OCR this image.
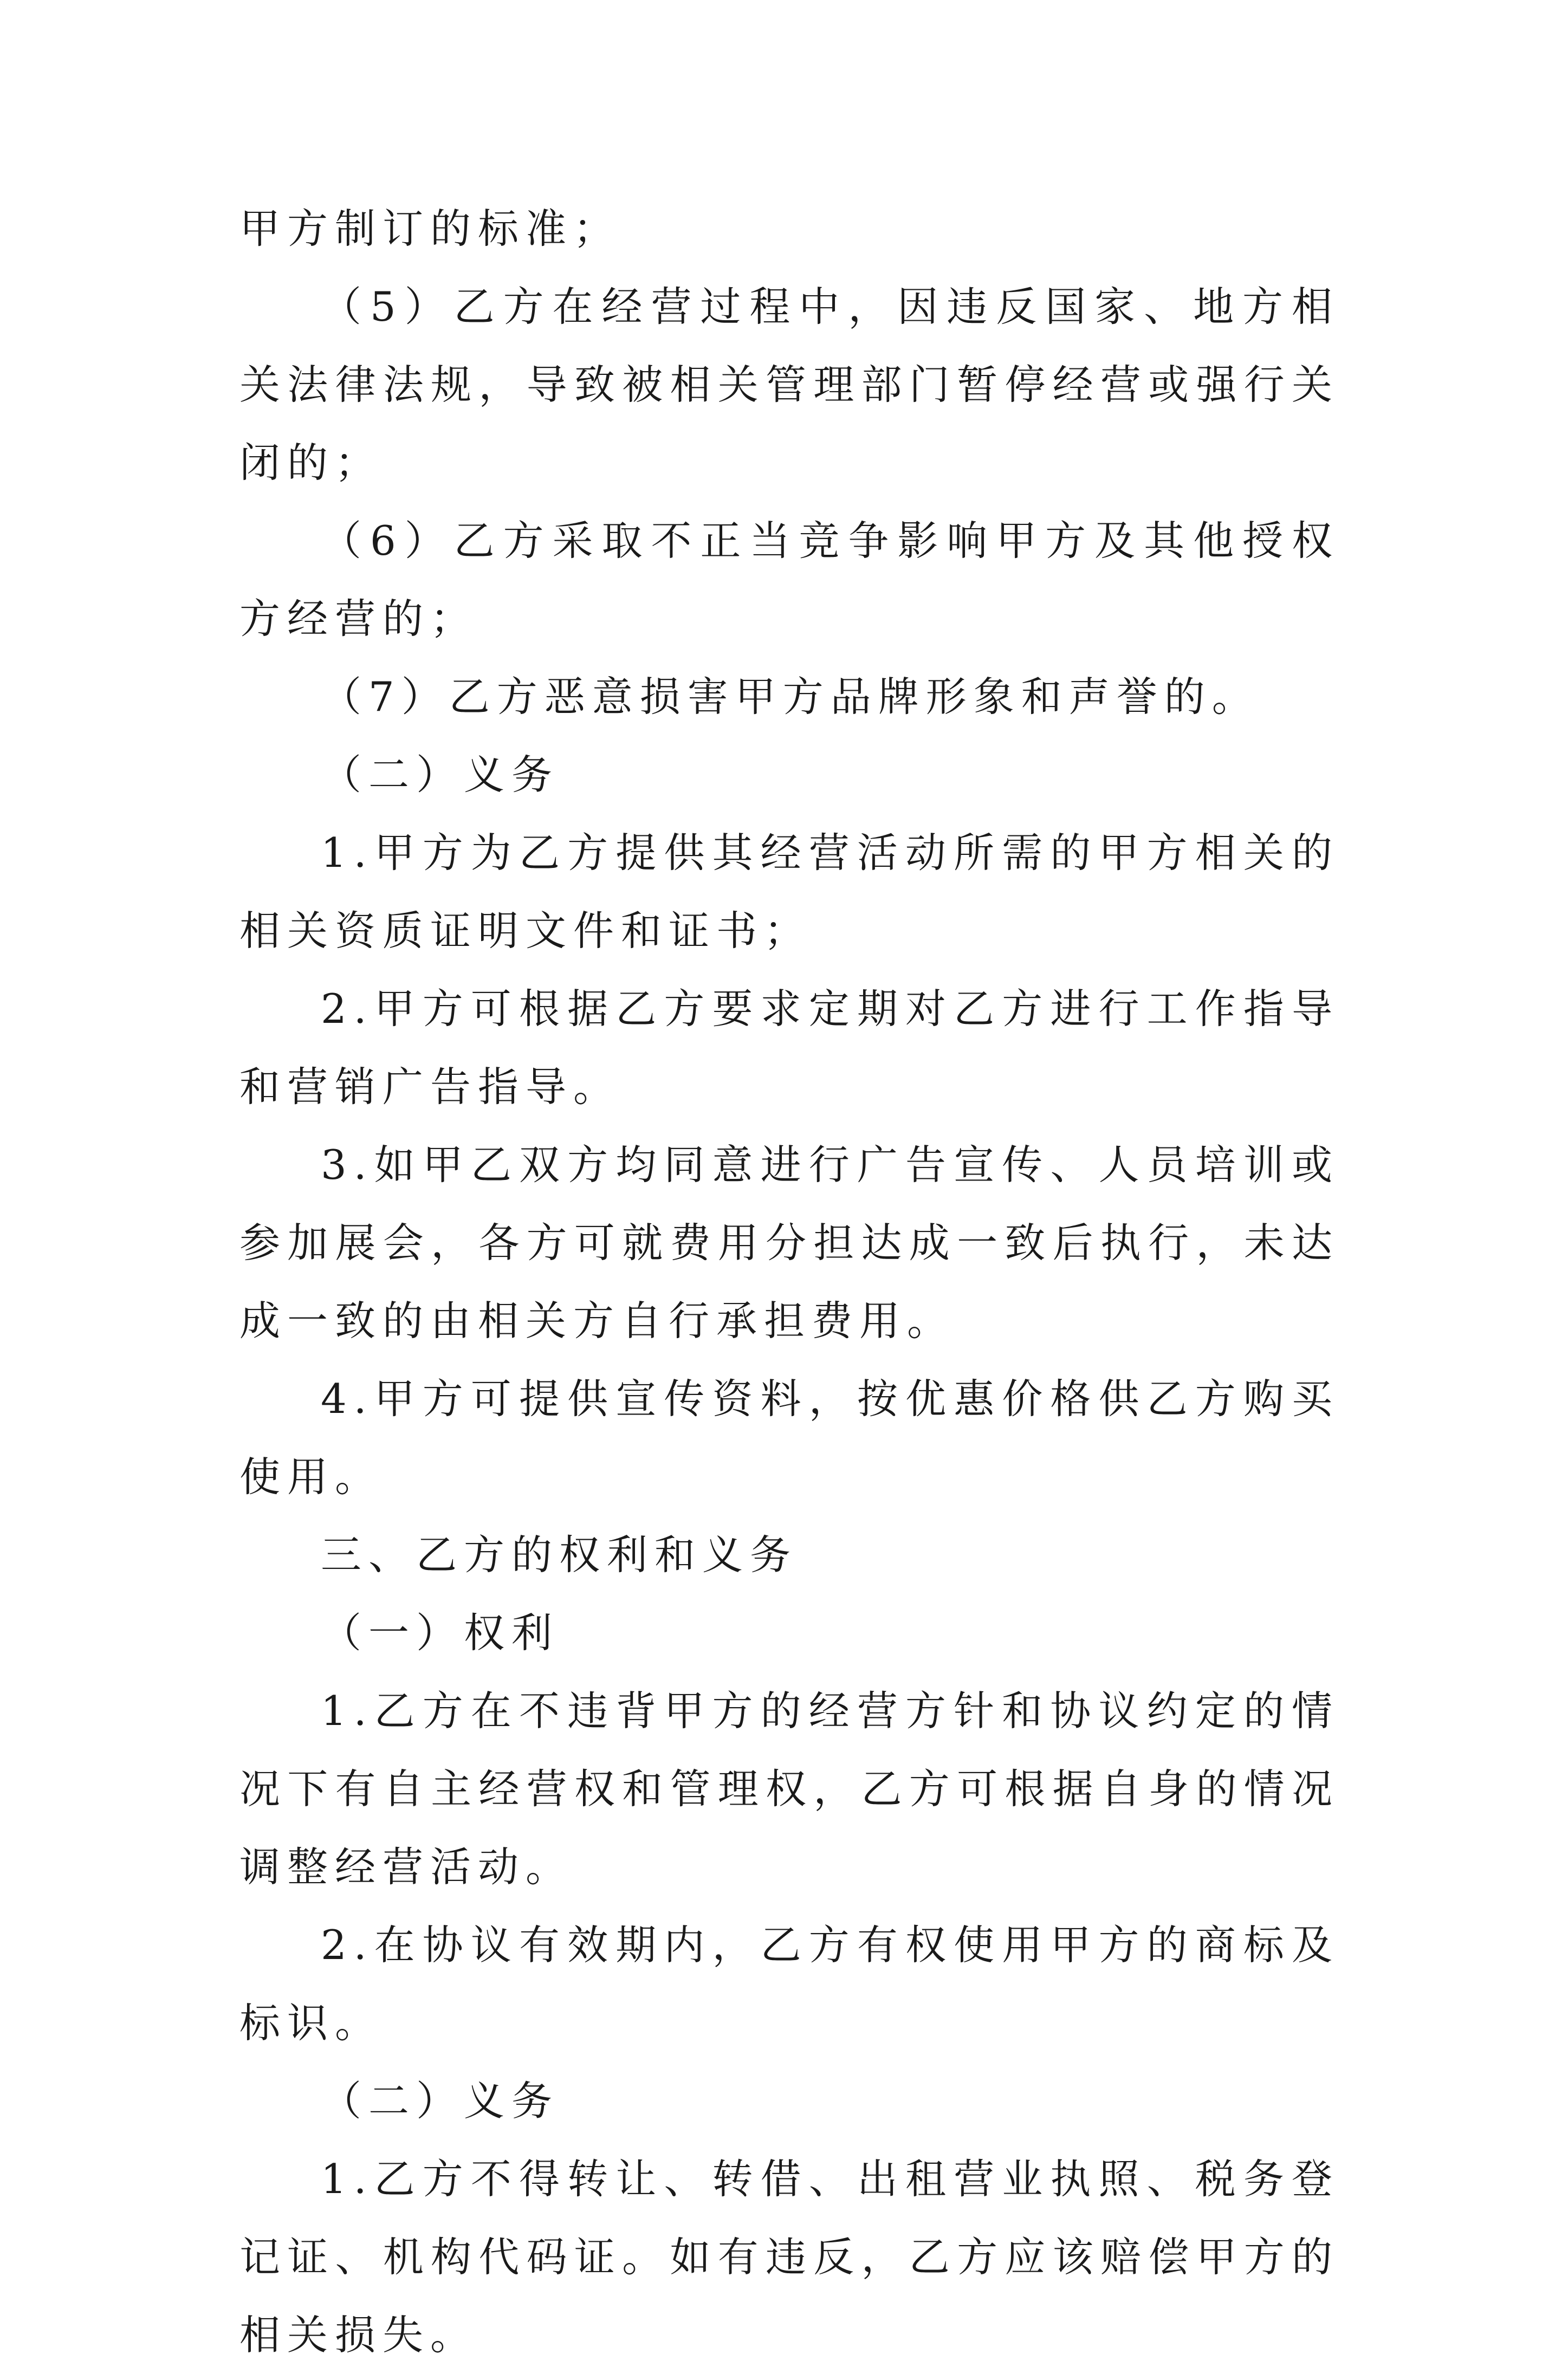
甲方制订的标准；

（5）乙方在经营过程中，因违反国家、地方相关法律法规，导致被相关管理部门暂停经营或强行关闭的；

（6）乙方采取不正当竞争影响甲方及其他授权方经营的；

（7）乙方恶意损害甲方品牌形象和声誉的。

（二）义务

1.甲方为乙方提供其经营活动所需的甲方相关的相关资质证明文件和证书；

2.甲方可根据乙方要求定期对乙方进行工作指导和营销广告指导。

3.如甲乙双方均同意进行广告宣传、人员培训或参加展会，各方可就费用分担达成一致后执行，未达成一致的由相关方自行承担费用。

4.甲方可提供宣传资料，按优惠价格供乙方购买使用。

三、乙方的权利和义务

（一）权利

1.乙方在不违背甲方的经营方针和协议约定的情况下有自主经营权和管理权，乙方可根据自身的情况调整经营活动。

2.在协议有效期内，乙方有权使用甲方的商标及标识。

（二）义务

1.乙方不得转让、转借、出租营业执照、税务登记证、机构代码证。如有违反，乙方应该赔偿甲方的相关损失。
